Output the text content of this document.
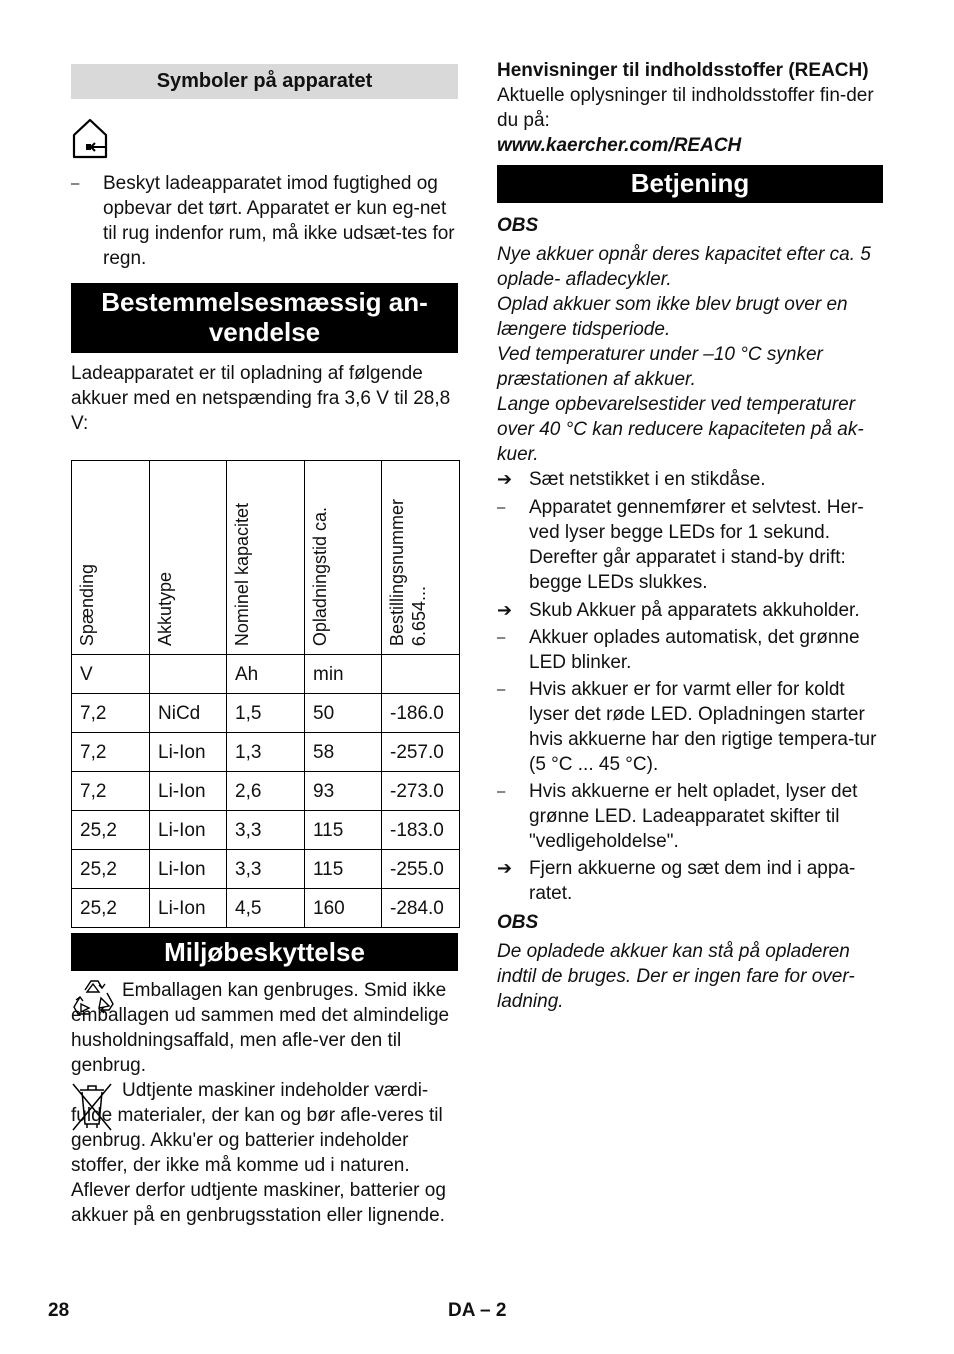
Symboler på apparatet
– Beskyt ladeapparatet imod fugtighed og opbevar det tørt. Apparatet er kun eg-net til rug indenfor rum, må ikke udsæt-tes for regn.
Bestemmelsesmæssig an-
vendelse

Ladeapparatet er til opladning af følgende akkuer med en netspænding fra 3,6 V til 28,8 V:

Spænding	Akkutype	Nominel kapacitet	Opladningstid ca.	Bestillingsnummer
6.654...

V		Ah	min	
7,2	NiCd	1,5	50	-186.0
7,2	Li-Ion	1,3	58	-257.0
7,2	Li-Ion	2,6	93	-273.0
25,2	Li-Ion	3,3	115	-183.0
25,2	Li-Ion	3,3	115	-255.0
25,2	Li-Ion	4,5	160	-284.0
Miljøbeskyttelse

Emballagen kan genbruges. Smid ikke emballagen ud sammen med det almindelige husholdningsaffald, men afle-ver den til genbrug.

Udtjente maskiner indeholder værdi-fulde materialer, der kan og bør afle-veres til genbrug. Akku'er og batterier indeholder stoffer, der ikke må komme ud i naturen. Aflever derfor udtjente maskiner, batterier og akkuer på en genbrugsstation eller lignende.

Henvisninger til indholdsstoffer (REACH)

Aktuelle oplysninger til indholdsstoffer fin-der du på:

www.kaercher.com/REACH

Betjening

OBS

Nye akkuer opnår deres kapacitet efter ca. 5 oplade- afladecykler.

Oplad akkuer som ikke blev brugt over en længere tidsperiode.

Ved temperaturer under –10 °C synker præstationen af akkuer.

Lange opbevarelsestider ved temperaturer over 40 °C kan reducere kapaciteten på ak-kuer.

➔ Sæt netstikket i en stikdåse.
– Apparatet gennemfører et selvtest. Her-ved lyser begge LEDs for 1 sekund. Derefter går apparatet i stand-by drift: begge LEDs slukkes.
➔ Skub Akkuer på apparatets akkuholder.
– Akkuer oplades automatisk, det grønne LED blinker.
– Hvis akkuer er for varmt eller for koldt lyser det røde LED. Opladningen starter hvis akkuerne har den rigtige tempera-tur (5 °C ... 45 °C).
– Hvis akkuerne er helt opladet, lyser det grønne LED. Ladeapparatet skifter til "vedligeholdelse".
➔ Fjern akkuerne og sæt dem ind i appa-ratet.

OBS

De opladede akkuer kan stå på opladeren indtil de bruges. Der er ingen fare for over-ladning.

28	DA – 2
